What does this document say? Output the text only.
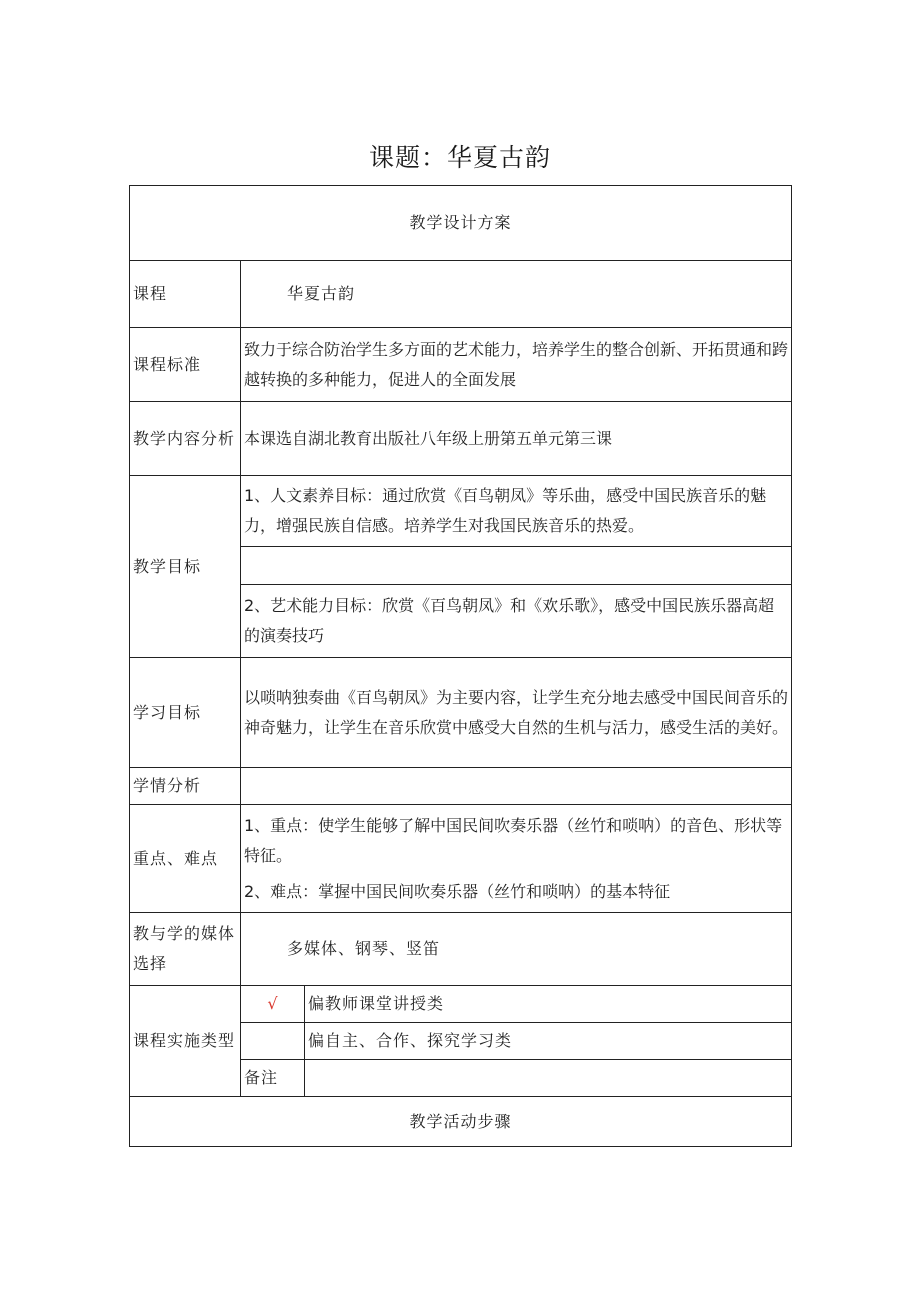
课题：华夏古韵
教学设计方案		
课程	华夏古韵	
课程标准	致力于综合防治学生多方面的艺术能力，培养学生的整合创新、开拓贯通和跨越转换的多种能力，促进人的全面发展	
教学内容分析	本课选自湖北教育出版社八年级上册第五单元第三课	
教学目标	1、人文素养目标：通过欣赏《百鸟朝凤》等乐曲，感受中国民族音乐的魅力，增强民族自信感。培养学生对我国民族音乐的热爱。	

	2、艺术能力目标：欣赏《百鸟朝凤》和《欢乐歌》，感受中国民族乐器高超的演奏技巧	
学习目标	以唢呐独奏曲《百鸟朝凤》为主要内容，让学生充分地去感受中国民间音乐的神奇魅力，让学生在音乐欣赏中感受大自然的生机与活力，感受生活的美好。	
学情分析		
重点、难点	1、重点：使学生能够了解中国民间吹奏乐器（丝竹和唢呐）的音色、形状等特征。
2、难点：掌握中国民间吹奏乐器（丝竹和唢呐）的基本特征	

教与学的媒体选择	多媒体、钢琴、竖笛	
课程实施类型	√	偏教师课堂讲授类
		偏自主、合作、探究学习类
	备注	
教学活动步骤		
